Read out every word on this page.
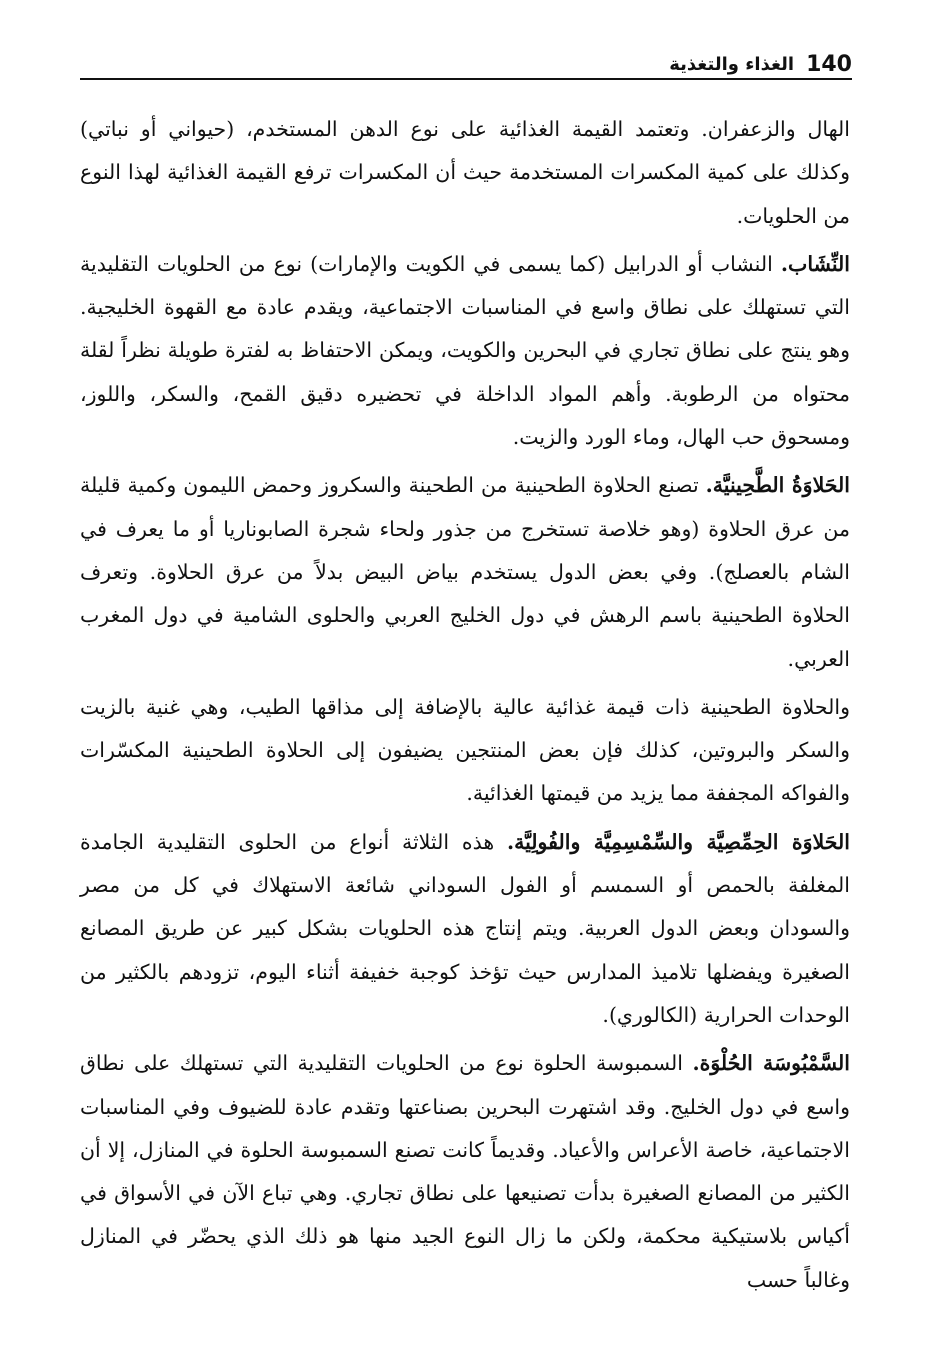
140
الغذاء والتغذية

الهال والزعفران. وتعتمد القيمة الغذائية على نوع الدهن المستخدم، (حيواني أو نباتي) وكذلك على كمية المكسرات المستخدمة حيث أن المكسرات ترفع القيمة الغذائية لهذا النوع من الحلويات.

النِّشَاب. النشاب أو الدرابيل (كما يسمى في الكويت والإمارات) نوع من الحلويات التقليدية التي تستهلك على نطاق واسع في المناسبات الاجتماعية، ويقدم عادة مع القهوة الخليجية. وهو ينتج على نطاق تجاري في البحرين والكويت، ويمكن الاحتفاظ به لفترة طويلة نظراً لقلة محتواه من الرطوبة. وأهم المواد الداخلة في تحضيره دقيق القمح، والسكر، واللوز، ومسحوق حب الهال، وماء الورد والزيت.

الحَلاوَةُ الطَّحِينيَّة. تصنع الحلاوة الطحينية من الطحينة والسكروز وحمض الليمون وكمية قليلة من عرق الحلاوة (وهو خلاصة تستخرج من جذور ولحاء شجرة الصابوناريا أو ما يعرف في الشام بالعصلج). وفي بعض الدول يستخدم بياض البيض بدلاً من عرق الحلاوة. وتعرف الحلاوة الطحينية باسم الرهش في دول الخليج العربي والحلوى الشامية في دول المغرب العربي.

والحلاوة الطحينية ذات قيمة غذائية عالية بالإضافة إلى مذاقها الطيب، وهي غنية بالزيت والسكر والبروتين، كذلك فإن بعض المنتجين يضيفون إلى الحلاوة الطحينية المكسّرات والفواكه المجففة مما يزيد من قيمتها الغذائية.

الحَلاوَة الحِمِّصِيَّة والسِّمْسِمِيَّة والفُولِيَّة. هذه الثلاثة أنواع من الحلوى التقليدية الجامدة المغلفة بالحمص أو السمسم أو الفول السوداني شائعة الاستهلاك في كل من مصر والسودان وبعض الدول العربية. ويتم إنتاج هذه الحلويات بشكل كبير عن طريق المصانع الصغيرة ويفضلها تلاميذ المدارس حيث تؤخذ كوجبة خفيفة أثناء اليوم، تزودهم بالكثير من الوحدات الحرارية (الكالوري).

السَّمْبُوسَة الحُلْوَة. السمبوسة الحلوة نوع من الحلويات التقليدية التي تستهلك على نطاق واسع في دول الخليج. وقد اشتهرت البحرين بصناعتها وتقدم عادة للضيوف وفي المناسبات الاجتماعية، خاصة الأعراس والأعياد. وقديماً كانت تصنع السمبوسة الحلوة في المنازل، إلا أن الكثير من المصانع الصغيرة بدأت تصنيعها على نطاق تجاري. وهي تباع الآن في الأسواق في أكياس بلاستيكية محكمة، ولكن ما زال النوع الجيد منها هو ذلك الذي يحضّر في المنازل وغالباً حسب
